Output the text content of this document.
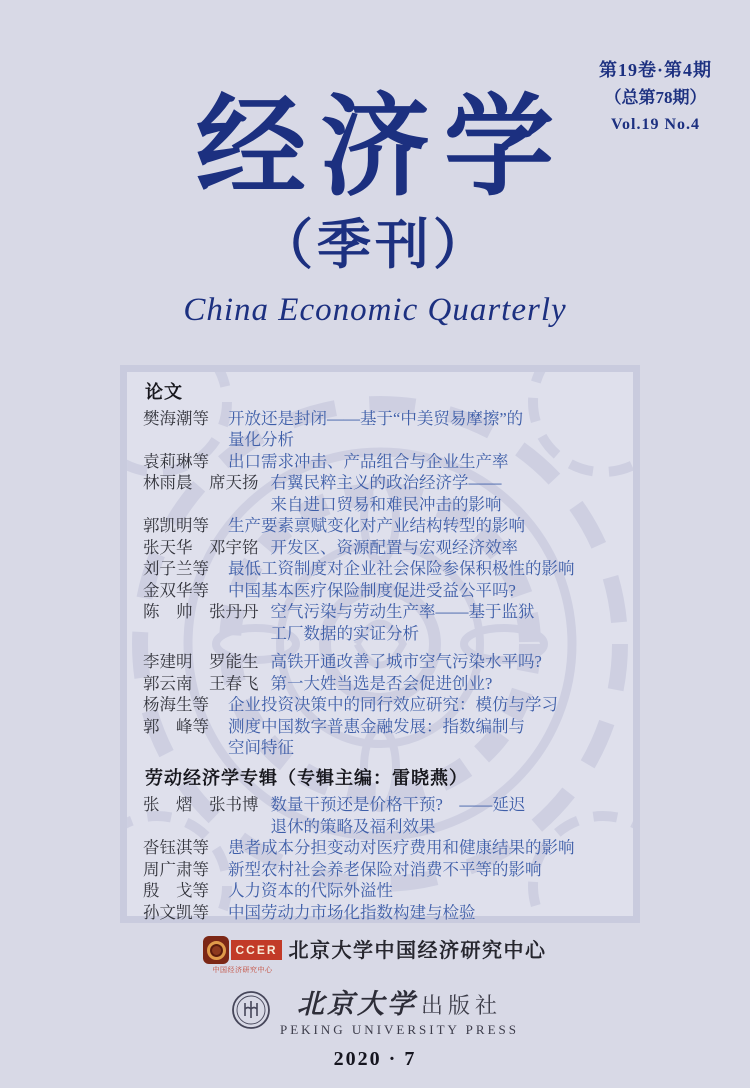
第19卷·第4期
（总第78期）
Vol.19 No.4
经济学
（季刊）
China Economic Quarterly
论文
樊海潮等	开放还是封闭——基于“中美贸易摩擦”的
量化分析
袁莉琳等	出口需求冲击、产品组合与企业生产率
林雨晨　席天扬 右翼民粹主义的政治经济学——
来自进口贸易和难民冲击的影响
郭凯明等	生产要素禀赋变化对产业结构转型的影响
张天华　邓宇铭 开发区、资源配置与宏观经济效率
刘子兰等	最低工资制度对企业社会保险参保积极性的影响
金双华等	中国基本医疗保险制度促进受益公平吗?
陈　帅　张丹丹 空气污染与劳动生产率——基于监狱
工厂数据的实证分析
李建明　罗能生 高铁开通改善了城市空气污染水平吗?
郭云南　王春飞 第一大姓当选是否会促进创业?
杨海生等	企业投资决策中的同行效应研究：模仿与学习
郭　峰等	测度中国数字普惠金融发展：指数编制与
空间特征
劳动经济学专辑（专辑主编：雷晓燕）
张　熠　张书博 数量干预还是价格干预?　——延迟
退休的策略及福利效果
沓钰淇等	患者成本分担变动对医疗费用和健康结果的影响
周广肃等	新型农村社会养老保险对消费不平等的影响
殷　戈等	人力资本的代际外溢性
孙文凯等	中国劳动力市场化指数构建与检验
CCER
中国经济研究中心
北京大学中国经济研究中心
北京大学 出版社
PEKING UNIVERSITY PRESS
2020 · 7
